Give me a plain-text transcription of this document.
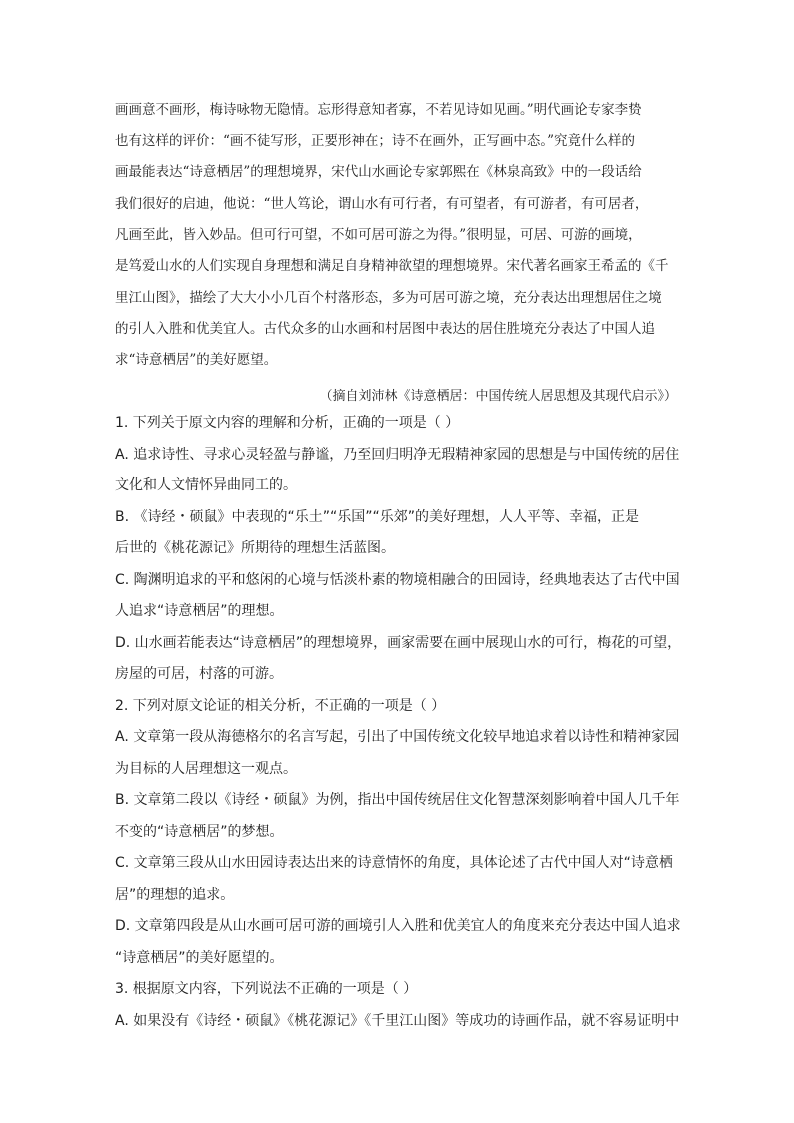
画画意不画形，梅诗咏物无隐情。忘形得意知者寡，不若见诗如见画。”明代画论专家李贽
也有这样的评价：“画不徒写形，正要形神在；诗不在画外，正写画中态。”究竟什么样的
画最能表达“诗意栖居”的理想境界，宋代山水画论专家郭熙在《林泉高致》中的一段话给
我们很好的启迪，他说：“世人笃论，谓山水有可行者，有可望者，有可游者，有可居者，
凡画至此，皆入妙品。但可行可望，不如可居可游之为得。”很明显，可居、可游的画境，
是笃爱山水的人们实现自身理想和满足自身精神欲望的理想境界。宋代著名画家王希孟的《千
里江山图》，描绘了大大小小几百个村落形态，多为可居可游之境，充分表达出理想居住之境
的引人入胜和优美宜人。古代众多的山水画和村居图中表达的居住胜境充分表达了中国人追
求“诗意栖居”的美好愿望。
（摘自刘沛林《诗意栖居：中国传统人居思想及其现代启示》）
1. 下列关于原文内容的理解和分析，正确的一项是（ ）
A. 追求诗性、寻求心灵轻盈与静谧，乃至回归明净无瑕精神家园的思想是与中国传统的居住
文化和人文情怀异曲同工的。
B. 《诗经・硕鼠》中表现的“乐土”“乐国”“乐郊”的美好理想，人人平等、幸福，正是
后世的《桃花源记》所期待的理想生活蓝图。
C. 陶渊明追求的平和悠闲的心境与恬淡朴素的物境相融合的田园诗，经典地表达了古代中国
人追求“诗意栖居”的理想。
D. 山水画若能表达“诗意栖居”的理想境界，画家需要在画中展现山水的可行，梅花的可望，
房屋的可居，村落的可游。
2. 下列对原文论证的相关分析，不正确的一项是（ ）
A. 文章第一段从海德格尔的名言写起，引出了中国传统文化较早地追求着以诗性和精神家园
为目标的人居理想这一观点。
B. 文章第二段以《诗经・硕鼠》为例，指出中国传统居住文化智慧深刻影响着中国人几千年
不变的“诗意栖居”的梦想。
C. 文章第三段从山水田园诗表达出来的诗意情怀的角度，具体论述了古代中国人对“诗意栖
居”的理想的追求。
D. 文章第四段是从山水画可居可游的画境引人入胜和优美宜人的角度来充分表达中国人追求
“诗意栖居”的美好愿望的。
3. 根据原文内容，下列说法不正确的一项是（ ）
A. 如果没有《诗经・硕鼠》《桃花源记》《千里江山图》等成功的诗画作品，就不容易证明中
